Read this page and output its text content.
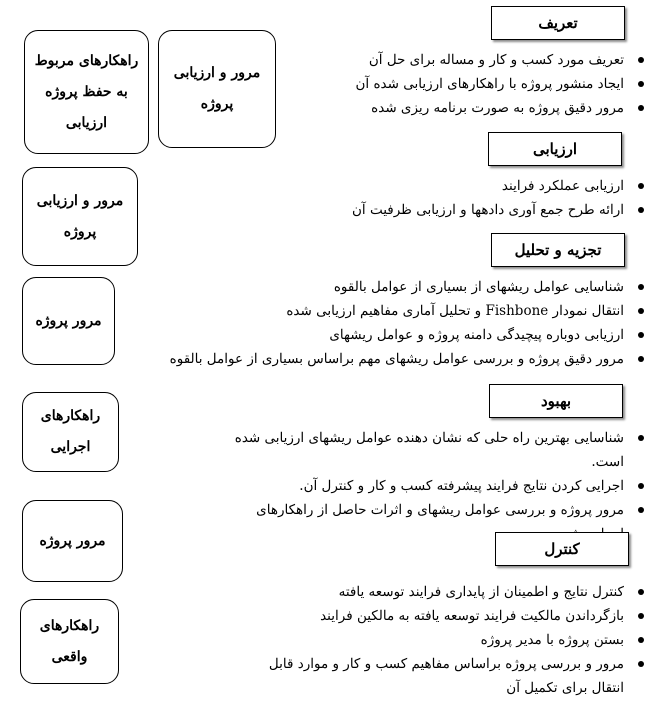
تعریف
تعریف مورد کسب و کار و مساله برای حل آن
ایجاد منشور پروژه با راهکارهای ارزیابی شده آن
مرور دقیق پروژه به صورت برنامه ریزی شده
ارزیابی
ارزیابی عملکرد فرایند
ارائه طرح جمع آوری دادهها و ارزیابی ظرفیت آن
تجزیه و تحلیل
شناسایی عوامل ریشهای از بسیاری از عوامل بالقوه
انتقال نمودار Fishbone و تحلیل آماری مفاهیم ارزیابی شده
ارزیابی دوباره پیچیدگی دامنه پروژه و عوامل ریشهای
مرور دقیق پروژه و بررسی عوامل ریشهای مهم براساس بسیاری از عوامل بالقوه
بهبود
شناسایی بهترین راه حلی که نشان دهنده عوامل ریشهای ارزیابی شده است.
اجرایی کردن نتایج فرایند پیشرفته کسب و کار و کنترل آن.
مرور پروژه و بررسی عوامل ریشهای و اثرات حاصل از راهکارهای
کنترل
کنترل نتایج و اطمینان از پایداری فرایند توسعه یافته
بازگرداندن مالکیت فرایند توسعه یافته به مالکین فرایند
بستن پروژه با مدیر پروژه
مرور و بررسی پروژه براساس مفاهیم کسب و کار و موارد قابل انتقال برای تکمیل آن
مرور و ارزیابی پروژه
راهکارهای مربوط به حفظ پروژه ارزیابی
مرور و ارزیابی پروژه
مرور پروژه
راهکارهای اجرایی
مرور پروژه
راهکارهای واقعی
